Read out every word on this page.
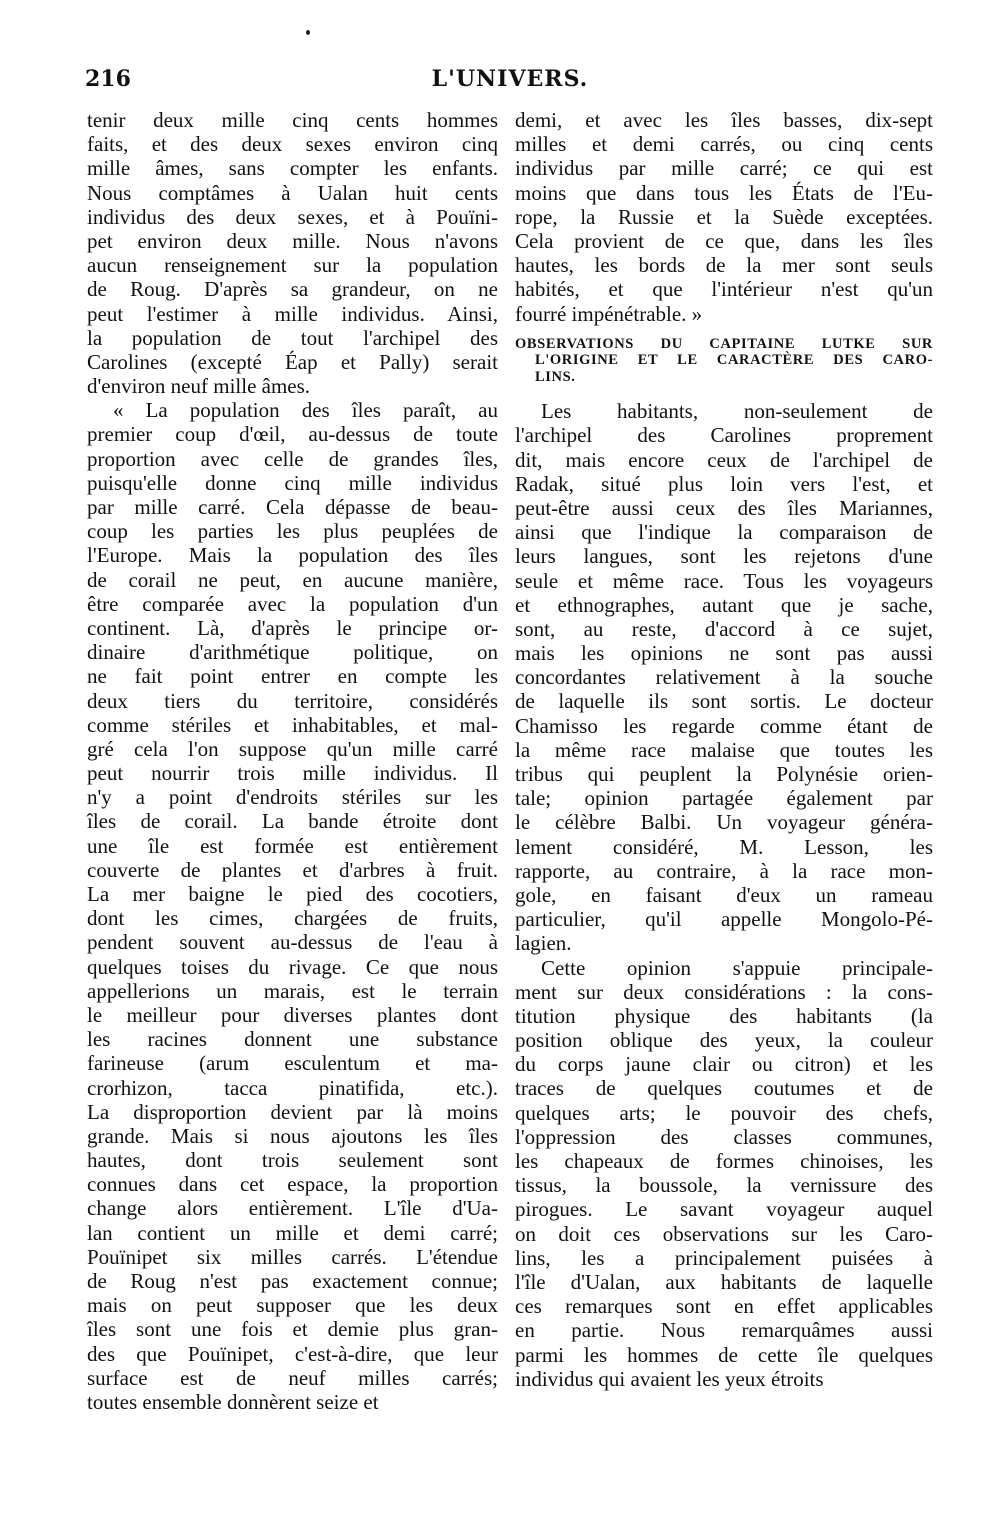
216	L'UNIVERS.
tenir deux mille cinq cents hommes
faits, et des deux sexes environ cinq
mille âmes, sans compter les enfants.
Nous comptâmes à Ualan huit cents
individus des deux sexes, et à Pouïni-
pet environ deux mille. Nous n'avons
aucun renseignement sur la population
de Roug. D'après sa grandeur, on ne
peut l'estimer à mille individus. Ainsi,
la population de tout l'archipel des
Carolines (excepté Éap et Pally) serait
d'environ neuf mille âmes.
« La population des îles paraît, au
premier coup d'œil, au-dessus de toute
proportion avec celle de grandes îles,
puisqu'elle donne cinq mille individus
par mille carré. Cela dépasse de beau-
coup les parties les plus peuplées de
l'Europe. Mais la population des îles
de corail ne peut, en aucune manière,
être comparée avec la population d'un
continent. Là, d'après le principe or-
dinaire d'arithmétique politique, on
ne fait point entrer en compte les
deux tiers du territoire, considérés
comme stériles et inhabitables, et mal-
gré cela l'on suppose qu'un mille carré
peut nourrir trois mille individus. Il
n'y a point d'endroits stériles sur les
îles de corail. La bande étroite dont
une île est formée est entièrement
couverte de plantes et d'arbres à fruit.
La mer baigne le pied des cocotiers,
dont les cimes, chargées de fruits,
pendent souvent au-dessus de l'eau à
quelques toises du rivage. Ce que nous
appellerions un marais, est le terrain
le meilleur pour diverses plantes dont
les racines donnent une substance
farineuse (arum esculentum et ma-
crorhizon, tacca pinatifida, etc.).
La disproportion devient par là moins
grande. Mais si nous ajoutons les îles
hautes, dont trois seulement sont
connues dans cet espace, la proportion
change alors entièrement. L'île d'Ua-
lan contient un mille et demi carré;
Pouïnipet six milles carrés. L'étendue
de Roug n'est pas exactement connue;
mais on peut supposer que les deux
îles sont une fois et demie plus gran-
des que Pouïnipet, c'est-à-dire, que leur
surface est de neuf milles carrés;
toutes ensemble donnèrent seize et
demi, et avec les îles basses, dix-sept
milles et demi carrés, ou cinq cents
individus par mille carré; ce qui est
moins que dans tous les États de l'Eu-
rope, la Russie et la Suède exceptées.
Cela provient de ce que, dans les îles
hautes, les bords de la mer sont seuls
habités, et que l'intérieur n'est qu'un
fourré impénétrable. »
OBSERVATIONS DU CAPITAINE LUTKE SUR
L'ORIGINE ET LE CARACTÈRE DES CARO-
LINS.
Les habitants, non-seulement de
l'archipel des Carolines proprement
dit, mais encore ceux de l'archipel de
Radak, situé plus loin vers l'est, et
peut-être aussi ceux des îles Mariannes,
ainsi que l'indique la comparaison de
leurs langues, sont les rejetons d'une
seule et même race. Tous les voyageurs
et ethnographes, autant que je sache,
sont, au reste, d'accord à ce sujet,
mais les opinions ne sont pas aussi
concordantes relativement à la souche
de laquelle ils sont sortis. Le docteur
Chamisso les regarde comme étant de
la même race malaise que toutes les
tribus qui peuplent la Polynésie orien-
tale; opinion partagée également par
le célèbre Balbi. Un voyageur généra-
lement considéré, M. Lesson, les
rapporte, au contraire, à la race mon-
gole, en faisant d'eux un rameau
particulier, qu'il appelle Mongolo-Pé-
lagien.
Cette opinion s'appuie principale-
ment sur deux considérations : la cons-
titution physique des habitants (la
position oblique des yeux, la couleur
du corps jaune clair ou citron) et les
traces de quelques coutumes et de
quelques arts; le pouvoir des chefs,
l'oppression des classes communes,
les chapeaux de formes chinoises, les
tissus, la boussole, la vernissure des
pirogues. Le savant voyageur auquel
on doit ces observations sur les Caro-
lins, les a principalement puisées à
l'île d'Ualan, aux habitants de laquelle
ces remarques sont en effet applicables
en partie. Nous remarquâmes aussi
parmi les hommes de cette île quelques
individus qui avaient les yeux étroits
